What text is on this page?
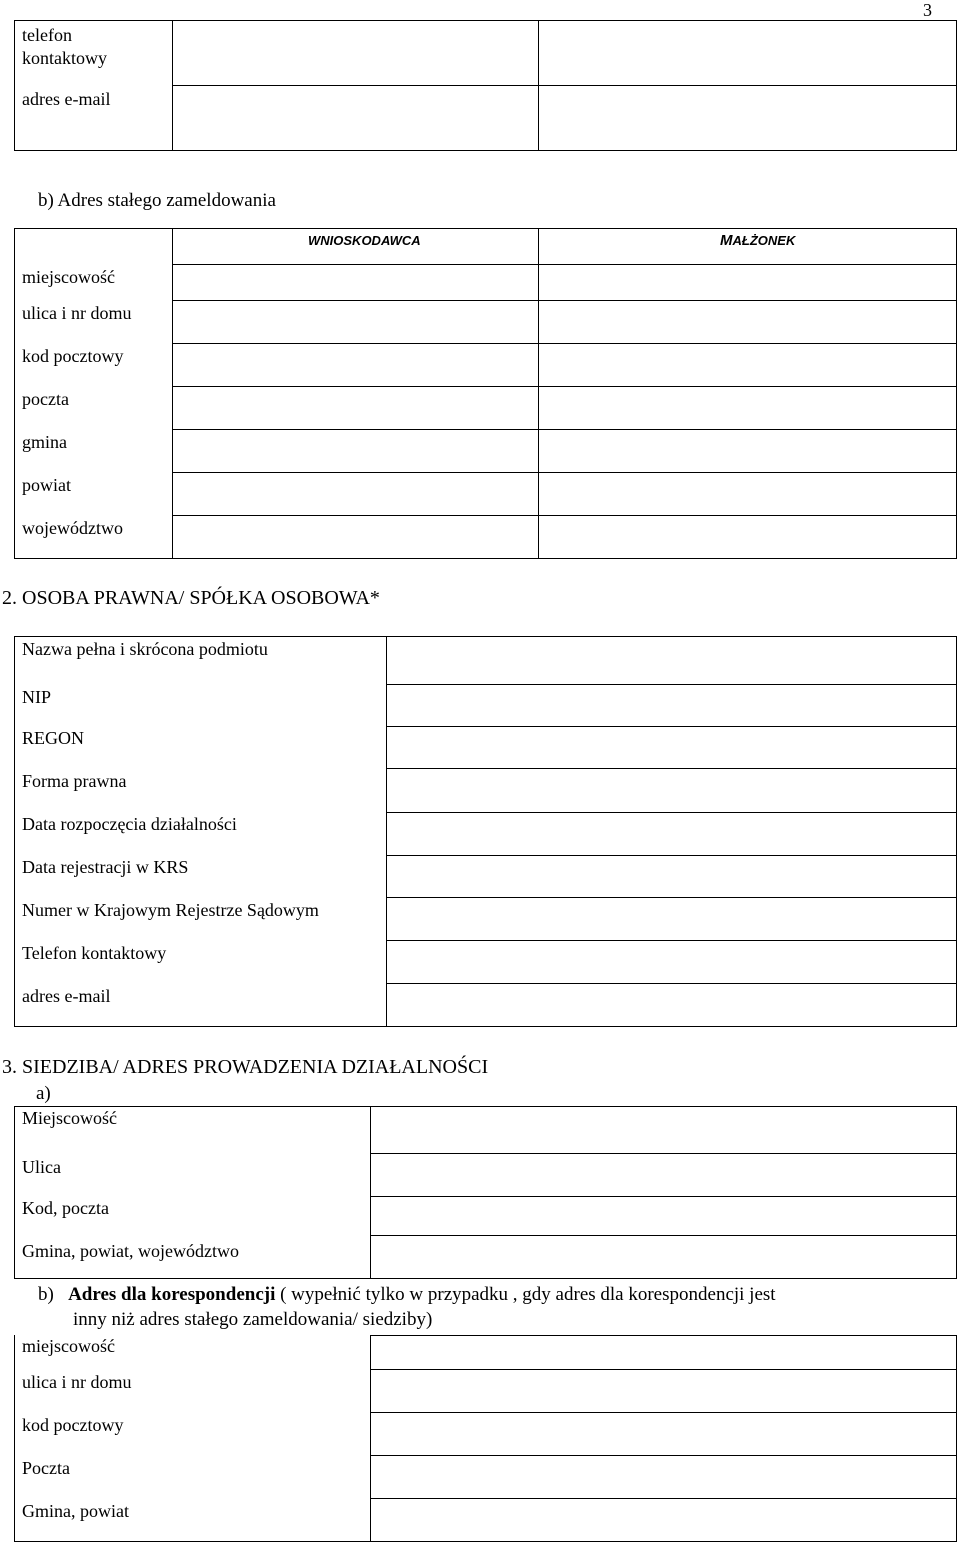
3
telefon
kontaktowy
adres e-mail
b) Adres stałego zameldowania
WNIOSKODAWCA	MAŁŻONEK
miejscowość
ulica i nr domu
kod pocztowy
poczta
gmina
powiat
województwo
2. OSOBA PRAWNA/ SPÓŁKA OSOBOWA*
Nazwa pełna i skrócona podmiotu
NIP
REGON
Forma prawna
Data rozpoczęcia działalności
Data rejestracji w KRS
Numer w Krajowym Rejestrze Sądowym
Telefon kontaktowy
adres e-mail
3. SIEDZIBA/ ADRES PROWADZENIA DZIAŁALNOŚCI
a)
Miejscowość
Ulica
Kod, poczta
Gmina, powiat, województwo
b) Adres dla korespondencji ( wypełnić tylko w przypadku , gdy adres dla korespondencji jest
inny niż adres stałego zameldowania/ siedziby)
miejscowość
ulica i nr domu
kod pocztowy
Poczta
Gmina, powiat
